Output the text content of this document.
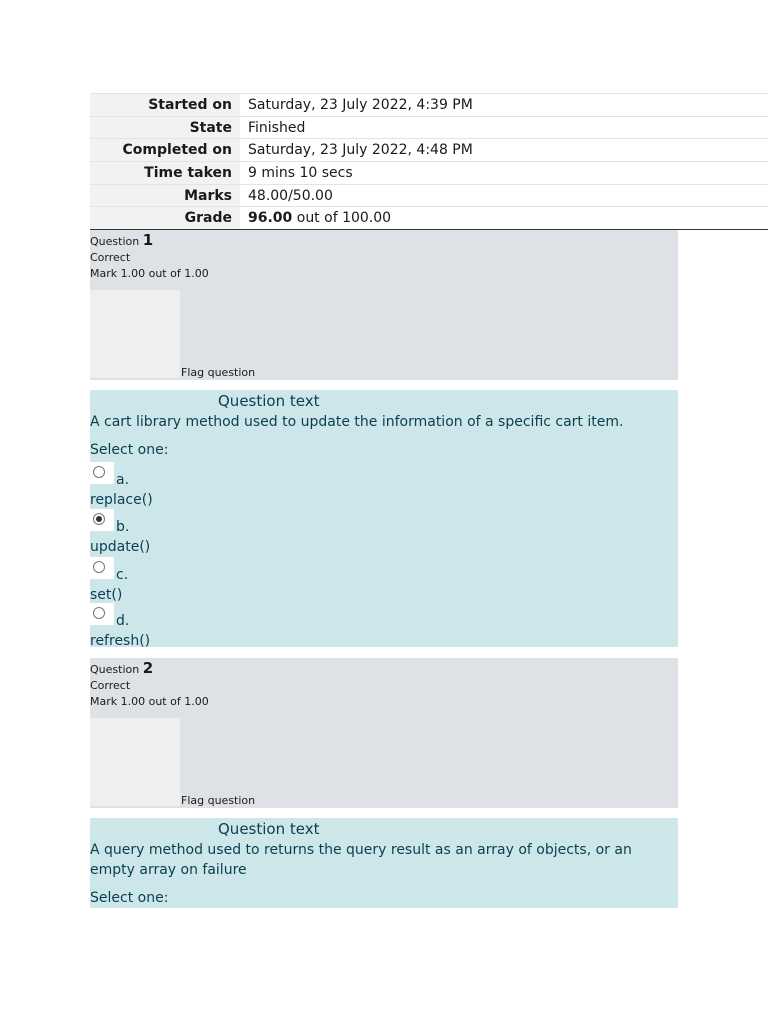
Started on	Saturday, 23 July 2022, 4:39 PM
State	Finished
Completed on	Saturday, 23 July 2022, 4:48 PM
Time taken	9 mins 10 secs
Marks	48.00/50.00
Grade	96.00 out of 100.00
Question 1
Correct
Mark 1.00 out of 1.00
Flag question
Question text
A cart library method used to update the information of a specific cart item.
Select one:
a.
replace()
b.
update()
c.
set()
d.
refresh()
Question 2
Correct
Mark 1.00 out of 1.00
Flag question
Question text
A query method used to returns the query result as an array of objects, or an empty array on failure
Select one:
